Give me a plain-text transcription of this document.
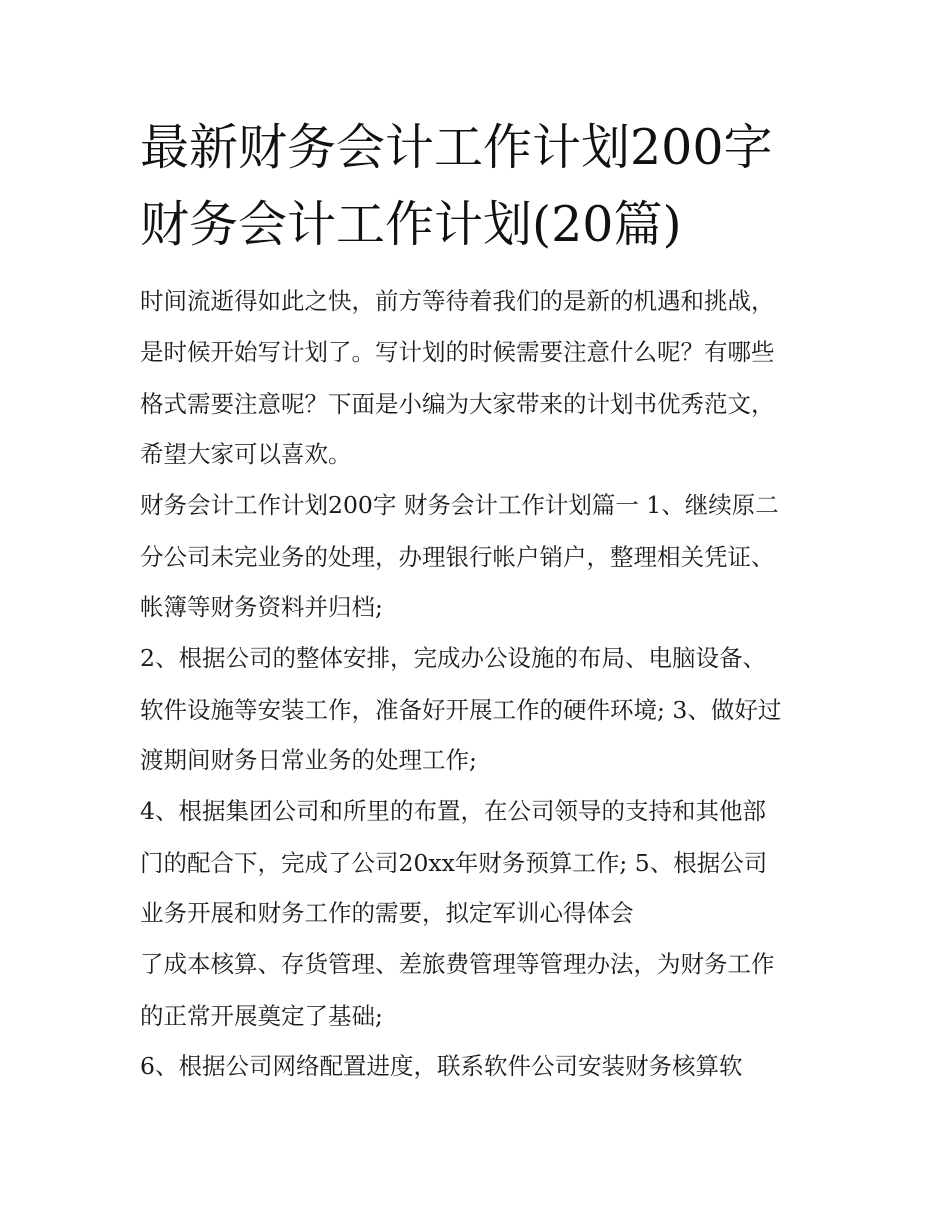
最新财务会计工作计划200字
财务会计工作计划(20篇)

时间流逝得如此之快，前方等待着我们的是新的机遇和挑战，

是时候开始写计划了。写计划的时候需要注意什么呢？有哪些

格式需要注意呢？下面是小编为大家带来的计划书优秀范文，

希望大家可以喜欢。

财务会计工作计划200字 财务会计工作计划篇一 1、继续原二

分公司未完业务的处理，办理银行帐户销户，整理相关凭证、

帐簿等财务资料并归档;

2、根据公司的整体安排，完成办公设施的布局、电脑设备、

软件设施等安装工作，准备好开展工作的硬件环境; 3、做好过

渡期间财务日常业务的处理工作;

4、根据集团公司和所里的布置，在公司领导的支持和其他部

门的配合下，完成了公司20xx年财务预算工作; 5、根据公司

业务开展和财务工作的需要，拟定军训心得体会

了成本核算、存货管理、差旅费管理等管理办法，为财务工作

的正常开展奠定了基础;

6、根据公司网络配置进度，联系软件公司安装财务核算软
